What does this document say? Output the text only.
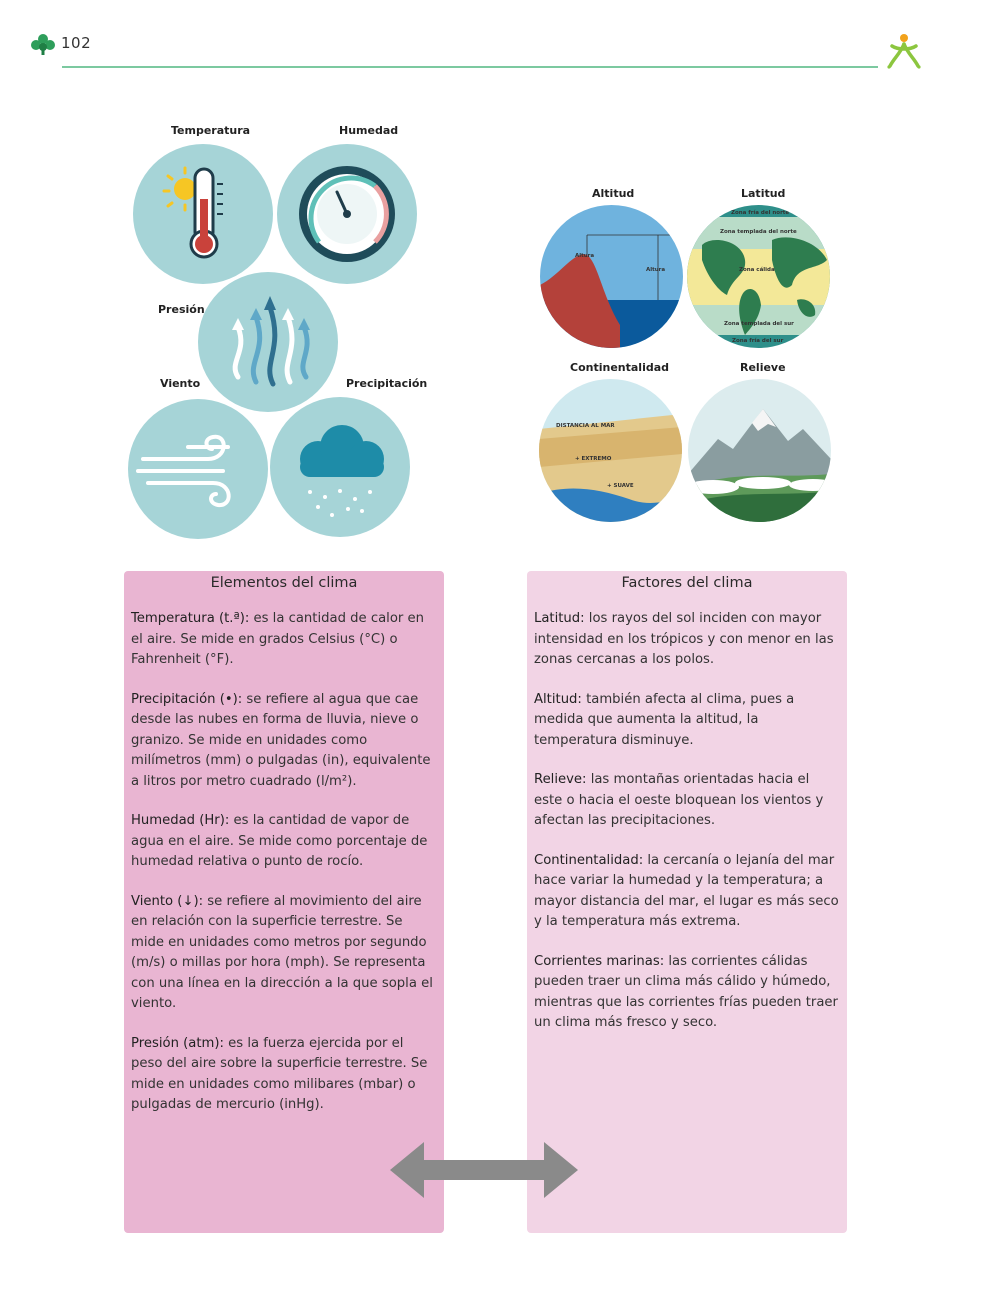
102
Temperatura	Humedad
Presión
Viento	Precipitación
Altitud	Latitud
Continentalidad	Relieve
Altura
Altura
Zona fría del norte
Zona templada del norte
Zona cálida
Zona templada del sur
Zona fría del sur
DISTANCIA AL MAR
+ EXTREMO
+ SUAVE
Elementos del clima

Temperatura (t.ª): es la cantidad de calor en el aire. Se mide en grados Celsius (°C) o Fahrenheit (°F).

Precipitación (•): se refiere al agua que cae desde las nubes en forma de lluvia, nieve o granizo. Se mide en unidades como milímetros (mm) o pulgadas (in), equivalente a litros por metro cuadrado (l/m²).

Humedad (Hr): es la cantidad de vapor de agua en el aire. Se mide como porcentaje de humedad relativa o punto de rocío.

Viento (↓): se refiere al movimiento del aire en relación con la superficie terrestre. Se mide en unidades como metros por segundo (m/s) o millas por hora (mph). Se representa con una línea en la dirección a la que sopla el viento.

Presión (atm): es la fuerza ejercida por el peso del aire sobre la superficie terrestre. Se mide en unidades como milibares (mbar) o pulgadas de mercurio (inHg).

Factores del clima

Latitud: los rayos del sol inciden con mayor intensidad en los trópicos y con menor en las zonas cercanas a los polos.

Altitud: también afecta al clima, pues a medida que aumenta la altitud, la temperatura disminuye.

Relieve: las montañas orientadas hacia el este o hacia el oeste bloquean los vientos y afectan las precipitaciones.

Continentalidad: la cercanía o lejanía del mar hace variar la humedad y la temperatura; a mayor distancia del mar, el lugar es más seco y la temperatura más extrema.

Corrientes marinas: las corrientes cálidas pueden traer un clima más cálido y húmedo, mientras que las corrientes frías pueden traer un clima más fresco y seco.
